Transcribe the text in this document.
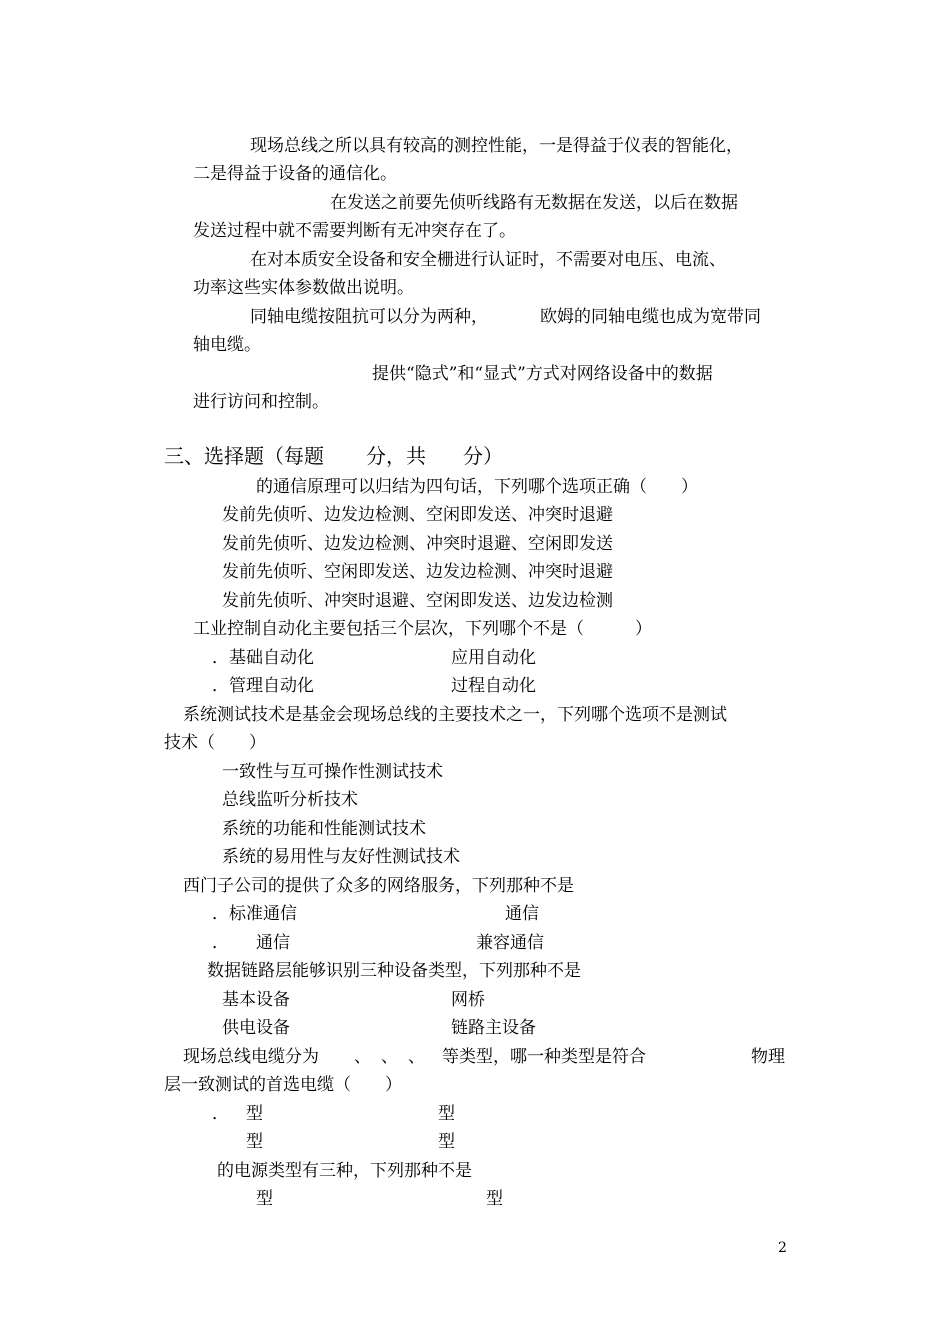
现场总线之所以具有较高的测控性能，一是得益于仪表的智能化，
二是得益于设备的通信化。
在发送之前要先侦听线路有无数据在发送，以后在数据
发送过程中就不需要判断有无冲突存在了。
在对本质安全设备和安全栅进行认证时，不需要对电压、电流、
功率这些实体参数做出说明。
同轴电缆按阻抗可以分为两种，	欧姆的同轴电缆也成为宽带同
轴电缆。
提供“隐式”和“显式”方式对网络设备中的数据
进行访问和控制。
三、选择题（每题 分，共 分）
的通信原理可以归结为四句话，下列哪个选项正确（　　）
发前先侦听、边发边检测、空闲即发送、冲突时退避
发前先侦听、边发边检测、冲突时退避、空闲即发送
发前先侦听、空闲即发送、边发边检测、冲突时退避
发前先侦听、冲突时退避、空闲即发送、边发边检测
工业控制自动化主要包括三个层次，下列哪个不是（　　　）
．基础自动化	应用自动化
．管理自动化	过程自动化
系统测试技术是基金会现场总线的主要技术之一，下列哪个选项不是测试
技术（　　）
一致性与互可操作性测试技术
总线监听分析技术
系统的功能和性能测试技术
系统的易用性与友好性测试技术
西门子公司的提供了众多的网络服务，下列那种不是
．标准通信	通信
． 通信	兼容通信
数据链路层能够识别三种设备类型，下列那种不是
基本设备	网桥
供电设备	链路主设备
现场总线电缆分为 、 、 、 等类型，哪一种类型是符合	物理
层一致测试的首选电缆（　　）
． 型	型
型	型
的电源类型有三种，下列那种不是
型	型
2
